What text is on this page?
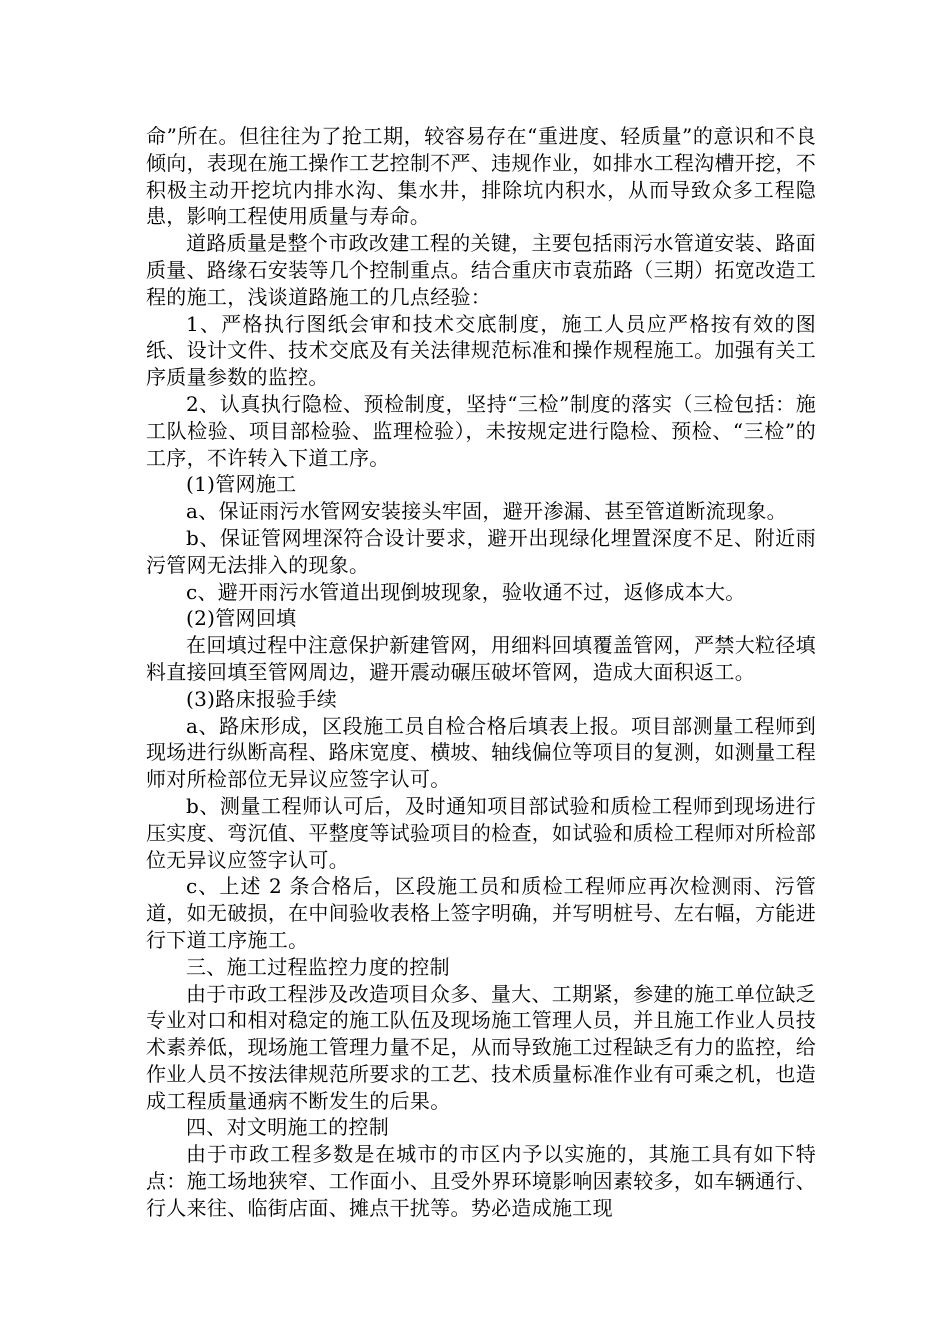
命”所在。但往往为了抢工期，较容易存在“重进度、轻质量”的意识和不良倾向，表现在施工操作工艺控制不严、违规作业，如排水工程沟槽开挖，不积极主动开挖坑内排水沟、集水井，排除坑内积水，从而导致众多工程隐患，影响工程使用质量与寿命。

道路质量是整个市政改建工程的关键，主要包括雨污水管道安装、路面质量、路缘石安装等几个控制重点。结合重庆市袁茄路（三期）拓宽改造工程的施工，浅谈道路施工的几点经验：

1、严格执行图纸会审和技术交底制度，施工人员应严格按有效的图纸、设计文件、技术交底及有关法律规范标准和操作规程施工。加强有关工序质量参数的监控。

2、认真执行隐检、预检制度，坚持“三检”制度的落实（三检包括：施工队检验、项目部检验、监理检验），未按规定进行隐检、预检、“三检”的工序，不许转入下道工序。

(1)管网施工

a、保证雨污水管网安装接头牢固，避开渗漏、甚至管道断流现象。

b、保证管网埋深符合设计要求，避开出现绿化埋置深度不足、附近雨污管网无法排入的现象。

c、避开雨污水管道出现倒坡现象，验收通不过，返修成本大。

(2)管网回填

在回填过程中注意保护新建管网，用细料回填覆盖管网，严禁大粒径填料直接回填至管网周边，避开震动碾压破坏管网，造成大面积返工。

(3)路床报验手续

a、路床形成，区段施工员自检合格后填表上报。项目部测量工程师到现场进行纵断高程、路床宽度、横坡、轴线偏位等项目的复测，如测量工程师对所检部位无异议应签字认可。

b、测量工程师认可后，及时通知项目部试验和质检工程师到现场进行压实度、弯沉值、平整度等试验项目的检查，如试验和质检工程师对所检部位无异议应签字认可。

c、上述 2 条合格后，区段施工员和质检工程师应再次检测雨、污管道，如无破损，在中间验收表格上签字明确，并写明桩号、左右幅，方能进行下道工序施工。

三、施工过程监控力度的控制

由于市政工程涉及改造项目众多、量大、工期紧，参建的施工单位缺乏专业对口和相对稳定的施工队伍及现场施工管理人员，并且施工作业人员技术素养低，现场施工管理力量不足，从而导致施工过程缺乏有力的监控，给作业人员不按法律规范所要求的工艺、技术质量标准作业有可乘之机，也造成工程质量通病不断发生的后果。

四、对文明施工的控制

由于市政工程多数是在城市的市区内予以实施的，其施工具有如下特点：施工场地狭窄、工作面小、且受外界环境影响因素较多，如车辆通行、行人来往、临街店面、摊点干扰等。势必造成施工现
